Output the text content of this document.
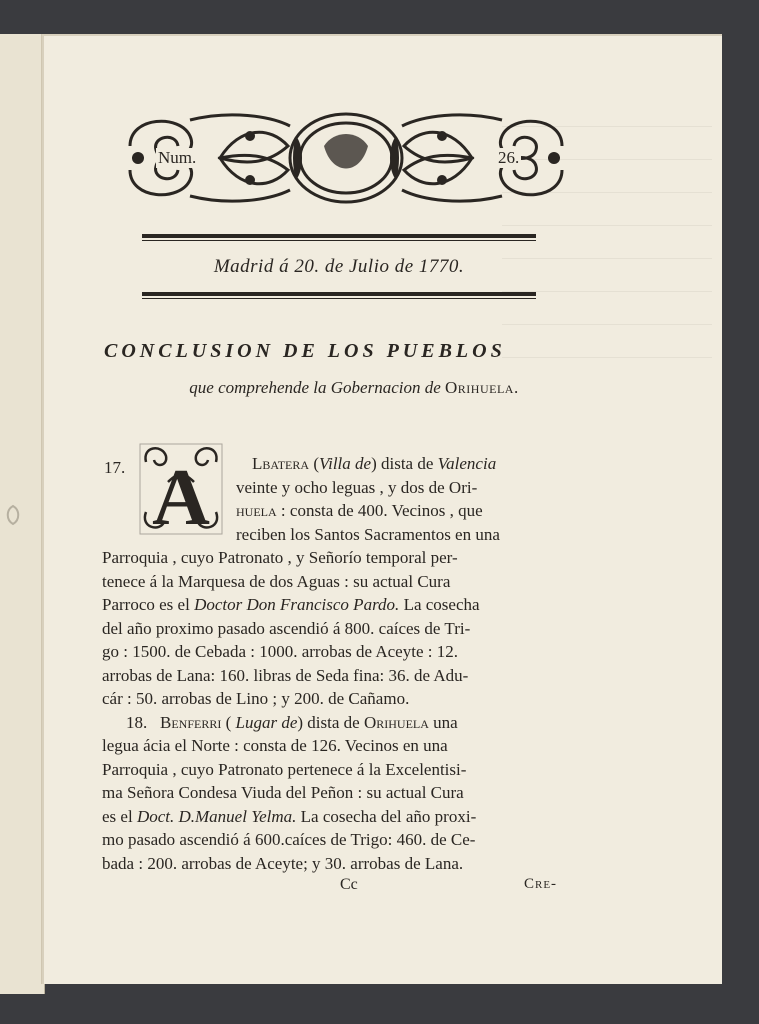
Num.	26.
Madrid á 20. de Julio de 1770.
CONCLUSION DE LOS PUEBLOS
que comprehende la Gobernacion de Orihuela.
17. A Lbatera (Villa de) dista de Valencia
veinte y ocho leguas , y dos de Ori-
huela : consta de 400. Vecinos , que
reciben los Santos Sacramentos en una
Parroquia , cuyo Patronato , y Señorío temporal per-
tenece á la Marquesa de dos Aguas : su actual Cura
Parroco es el Doctor Don Francisco Pardo. La cosecha
del año proximo pasado ascendió á 800. caíces de Tri-
go : 1500. de Cebada : 1000. arrobas de Aceyte : 12.
arrobas de Lana: 160. libras de Seda fina: 36. de Adu-
cár : 50. arrobas de Lino ; y 200. de Cañamo.
18. Benferri ( Lugar de) dista de Orihuela una
legua ácia el Norte : consta de 126. Vecinos en una
Parroquia , cuyo Patronato pertenece á la Excelentisi-
ma Señora Condesa Viuda del Peñon : su actual Cura
es el Doct. D.Manuel Yelma. La cosecha del año proxi-
mo pasado ascendió á 600.caíces de Trigo: 460. de Ce-
bada : 200. arrobas de Aceyte; y 30. arrobas de Lana.
Cc	Cre-
